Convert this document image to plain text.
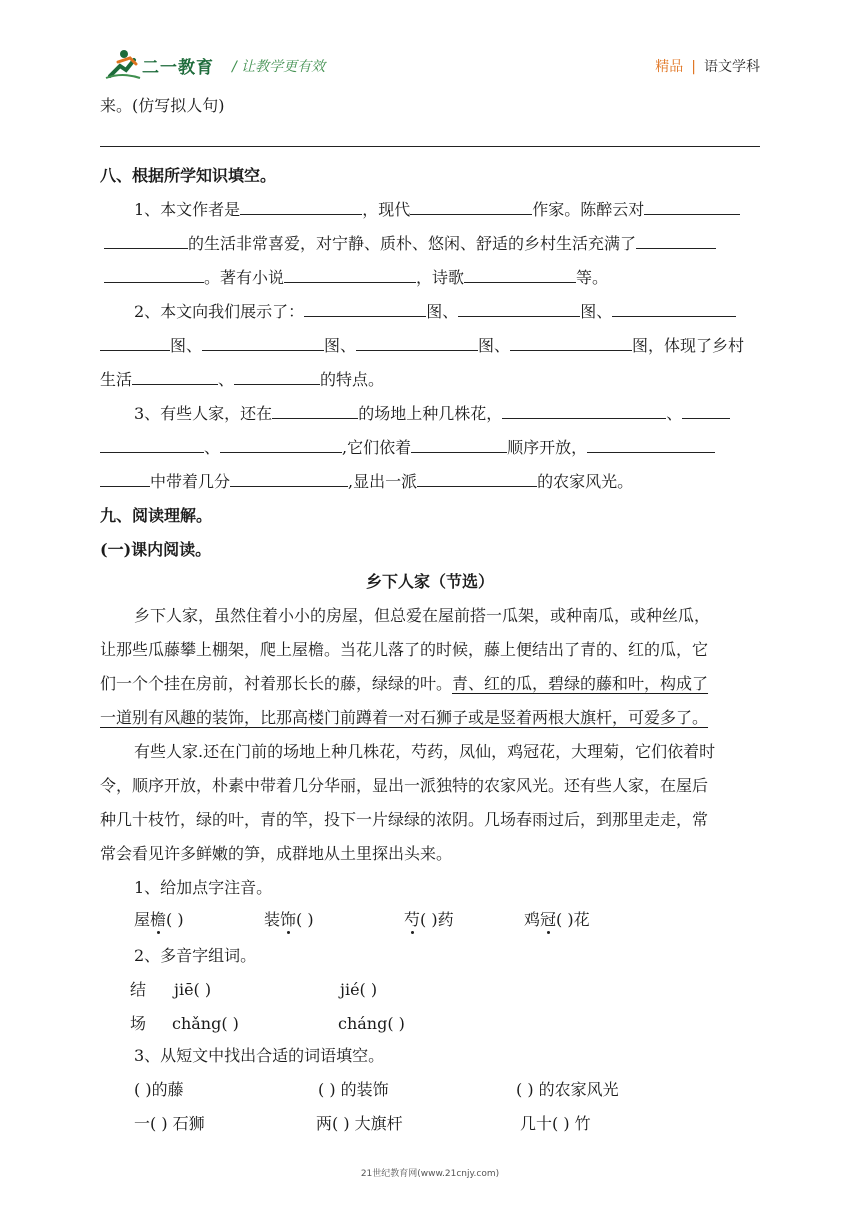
二一教育 / 让教学更有效	精品 | 语文学科
来。(仿写拟人句)
八、根据所学知识填空。
1、本文作者是	，现代	作家。陈醉云对
的生活非常喜爱，对宁静、质朴、悠闲、舒适的乡村生活充满了
。著有小说	，诗歌	等。
2、本文向我们展示了：	图、	图、
图、	图、	图、	图，体现了乡村
生活	、	的特点。
3、有些人家，还在	的场地上种几株花，	、
、	,它们依着	顺序开放，
中带着几分	,显出一派	的农家风光。
九、阅读理解。
(一)课内阅读。
乡下人家（节选）
乡下人家，虽然住着小小的房屋，但总爱在屋前搭一瓜架，或种南瓜，或种丝瓜，
让那些瓜藤攀上棚架，爬上屋檐。当花儿落了的时候，藤上便结出了青的、红的瓜，它
们一个个挂在房前，衬着那长长的藤，绿绿的叶。青、红的瓜，碧绿的藤和叶，构成了
一道别有风趣的装饰，比那高楼门前蹲着一对石狮子或是竖着两根大旗杆，可爱多了。
有些人家.还在门前的场地上种几株花，芍药，凤仙，鸡冠花，大理菊，它们依着时
令，顺序开放，朴素中带着几分华丽，显出一派独特的农家风光。还有些人家，在屋后
种几十枝竹，绿的叶，青的竿，投下一片绿绿的浓阴。几场春雨过后，到那里走走，常
常会看见许多鲜嫩的笋，成群地从土里探出头来。
1、给加点字注音。
屋檐( )	装饰( )	芍( )药	鸡冠( )花
2、多音字组词。
结 jiē( )	jié( )
场 chǎng( )	cháng( )
3、从短文中找出合适的词语填空。
( )的藤	( ) 的装饰	( ) 的农家风光
一( ) 石狮	两( ) 大旗杆	几十( ) 竹
21世纪教育网(www.21cnjy.com)
